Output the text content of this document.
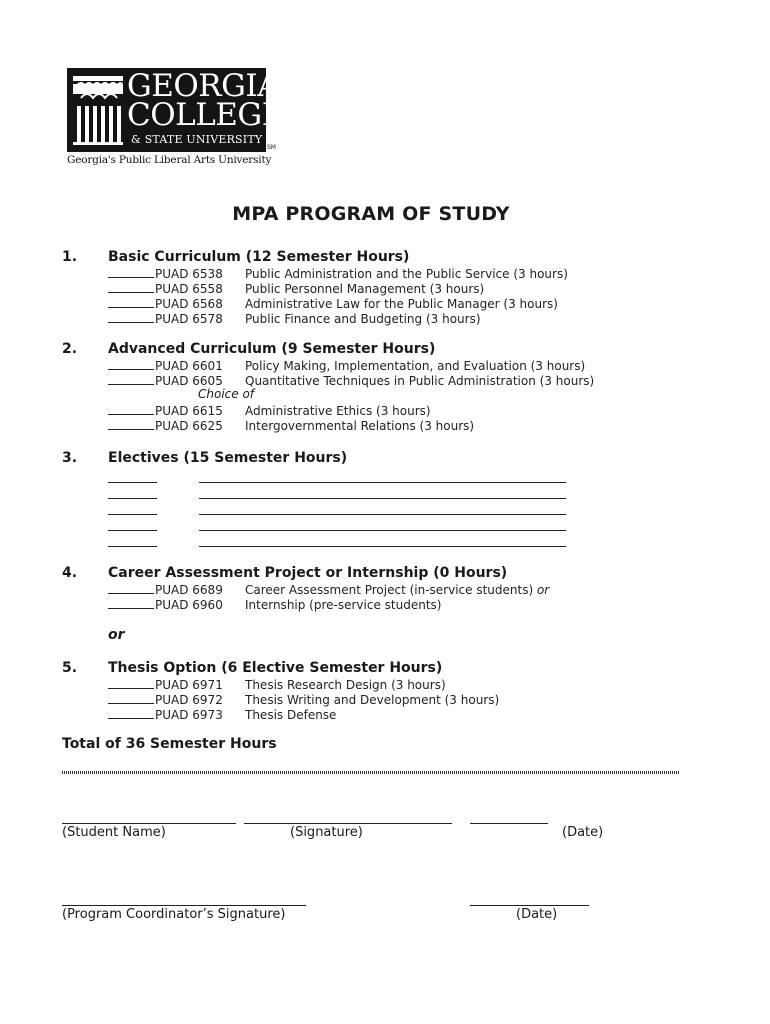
GEORGIA
COLLEGE
& STATE UNIVERSITY
SM
Georgia's Public Liberal Arts University
MPA PROGRAM OF STUDY
1. Basic Curriculum (12 Semester Hours)
PUAD 6538 Public Administration and the Public Service (3 hours)
PUAD 6558 Public Personnel Management (3 hours)
PUAD 6568 Administrative Law for the Public Manager (3 hours)
PUAD 6578 Public Finance and Budgeting (3 hours)
2. Advanced Curriculum (9 Semester Hours)
PUAD 6601 Policy Making, Implementation, and Evaluation (3 hours)
PUAD 6605 Quantitative Techniques in Public Administration (3 hours)
Choice of
PUAD 6615 Administrative Ethics (3 hours)
PUAD 6625 Intergovernmental Relations (3 hours)
3. Electives (15 Semester Hours)
4. Career Assessment Project or Internship (0 Hours)
PUAD 6689 Career Assessment Project (in-service students) or
PUAD 6960 Internship (pre-service students)
or
5. Thesis Option (6 Elective Semester Hours)
PUAD 6971 Thesis Research Design (3 hours)
PUAD 6972 Thesis Writing and Development (3 hours)
PUAD 6973 Thesis Defense
Total of 36 Semester Hours
(Student Name)	(Signature)	(Date)
(Program Coordinator’s Signature)	(Date)
